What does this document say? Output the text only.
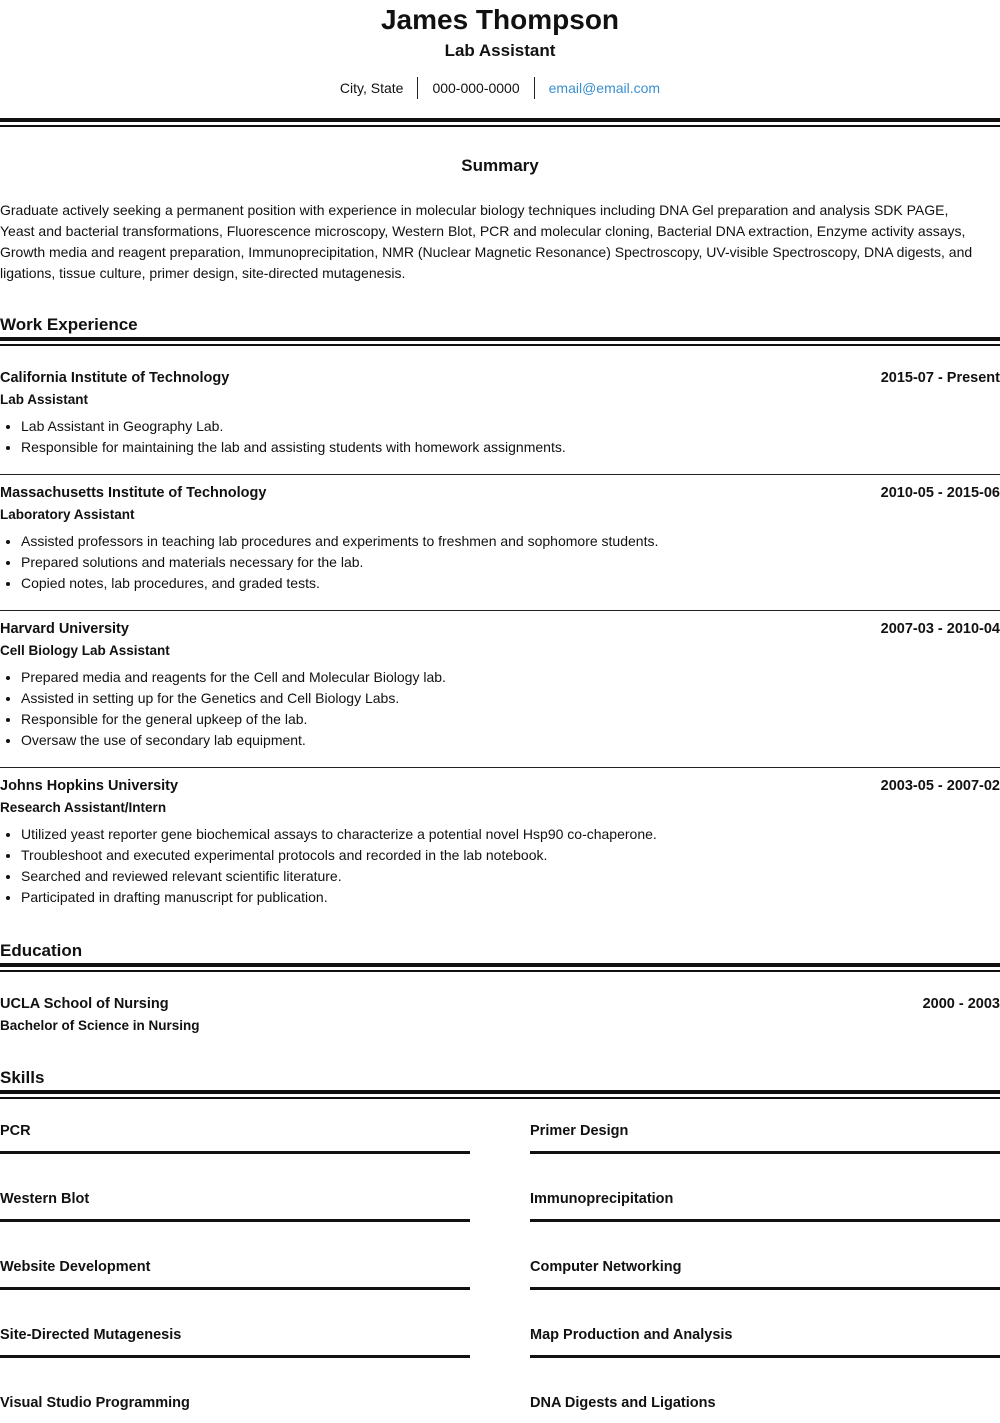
James Thompson
Lab Assistant
City, State	000-000-0000	email@email.com
Summary

Graduate actively seeking a permanent position with experience in molecular biology techniques including DNA Gel preparation and analysis SDK PAGE, Yeast and bacterial transformations, Fluorescence microscopy, Western Blot, PCR and molecular cloning, Bacterial DNA extraction, Enzyme activity assays, Growth media and reagent preparation, Immunoprecipitation, NMR (Nuclear Magnetic Resonance) Spectroscopy, UV-visible Spectroscopy, DNA digests, and ligations, tissue culture, primer design, site-directed mutagenesis.

Work Experience
California Institute of Technology	2015-07 - Present
Lab Assistant
• Lab Assistant in Geography Lab.
• Responsible for maintaining the lab and assisting students with homework assignments.
Massachusetts Institute of Technology	2010-05 - 2015-06
Laboratory Assistant
• Assisted professors in teaching lab procedures and experiments to freshmen and sophomore students.
• Prepared solutions and materials necessary for the lab.
• Copied notes, lab procedures, and graded tests.
Harvard University	2007-03 - 2010-04
Cell Biology Lab Assistant
• Prepared media and reagents for the Cell and Molecular Biology lab.
• Assisted in setting up for the Genetics and Cell Biology Labs.
• Responsible for the general upkeep of the lab.
• Oversaw the use of secondary lab equipment.
Johns Hopkins University	2003-05 - 2007-02
Research Assistant/Intern
• Utilized yeast reporter gene biochemical assays to characterize a potential novel Hsp90 co-chaperone.
• Troubleshoot and executed experimental protocols and recorded in the lab notebook.
• Searched and reviewed relevant scientific literature.
• Participated in drafting manuscript for publication.
Education
UCLA School of Nursing	2000 - 2003
Bachelor of Science in Nursing
Skills
PCR	Primer Design
Western Blot	Immunoprecipitation
Website Development	Computer Networking
Site-Directed Mutagenesis	Map Production and Analysis
Visual Studio Programming	DNA Digests and Ligations
